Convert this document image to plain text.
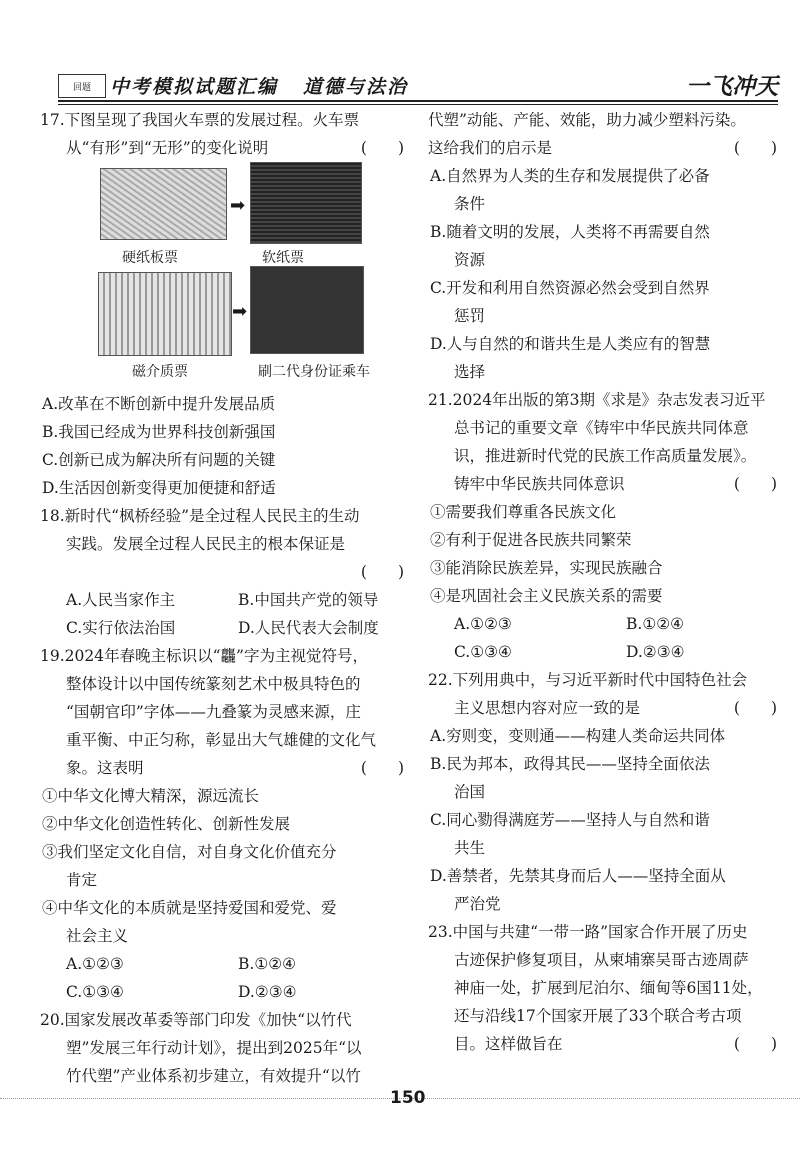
回题	中考模拟试题汇编 道德与法治	一飞冲天

17.下图呈现了我国火车票的发展过程。火车票

从“有形”到“无形”的变化说明	(　　)

➡
➡
硬纸板票	软纸票
磁介质票	刷二代身份证乘车

A.改革在不断创新中提升发展品质

B.我国已经成为世界科技创新强国

C.创新已成为解决所有问题的关键

D.生活因创新变得更加便捷和舒适

18.新时代“枫桥经验”是全过程人民民主的生动

实践。发展全过程人民民主的根本保证是

(　　)

A.人民当家作主	B.中国共产党的领导
C.实行依法治国	D.人民代表大会制度

19.2024年春晚主标识以“龘”字为主视觉符号，

整体设计以中国传统篆刻艺术中极具特色的

“国朝官印”字体——九叠篆为灵感来源，庄

重平衡、中正匀称，彰显出大气雄健的文化气

象。这表明	(　　)

①中华文化博大精深，源远流长

②中华文化创造性转化、创新性发展

③我们坚定文化自信，对自身文化价值充分

肯定

④中华文化的本质就是坚持爱国和爱党、爱

社会主义

A.①②③	B.①②④
C.①③④	D.②③④

20.国家发展改革委等部门印发《加快“以竹代

塑”发展三年行动计划》，提出到2025年“以

竹代塑”产业体系初步建立，有效提升“以竹

代塑”动能、产能、效能，助力减少塑料污染。

这给我们的启示是	(　　)

A.自然界为人类的生存和发展提供了必备

条件

B.随着文明的发展，人类将不再需要自然

资源

C.开发和利用自然资源必然会受到自然界

惩罚

D.人与自然的和谐共生是人类应有的智慧

选择

21.2024年出版的第3期《求是》杂志发表习近平

总书记的重要文章《铸牢中华民族共同体意

识，推进新时代党的民族工作高质量发展》。

铸牢中华民族共同体意识	(　　)

①需要我们尊重各民族文化

②有利于促进各民族共同繁荣

③能消除民族差异，实现民族融合

④是巩固社会主义民族关系的需要

A.①②③	B.①②④
C.①③④	D.②③④

22.下列用典中，与习近平新时代中国特色社会

主义思想内容对应一致的是	(　　)

A.穷则变，变则通——构建人类命运共同体

B.民为邦本，政得其民——坚持全面依法

治国

C.同心勠得满庭芳——坚持人与自然和谐

共生

D.善禁者，先禁其身而后人——坚持全面从

严治党

23.中国与共建“一带一路”国家合作开展了历史

古迹保护修复项目，从柬埔寨吴哥古迹周萨

神庙一处，扩展到尼泊尔、缅甸等6国11处，

还与沿线17个国家开展了33个联合考古项

目。这样做旨在	(　　)

150
